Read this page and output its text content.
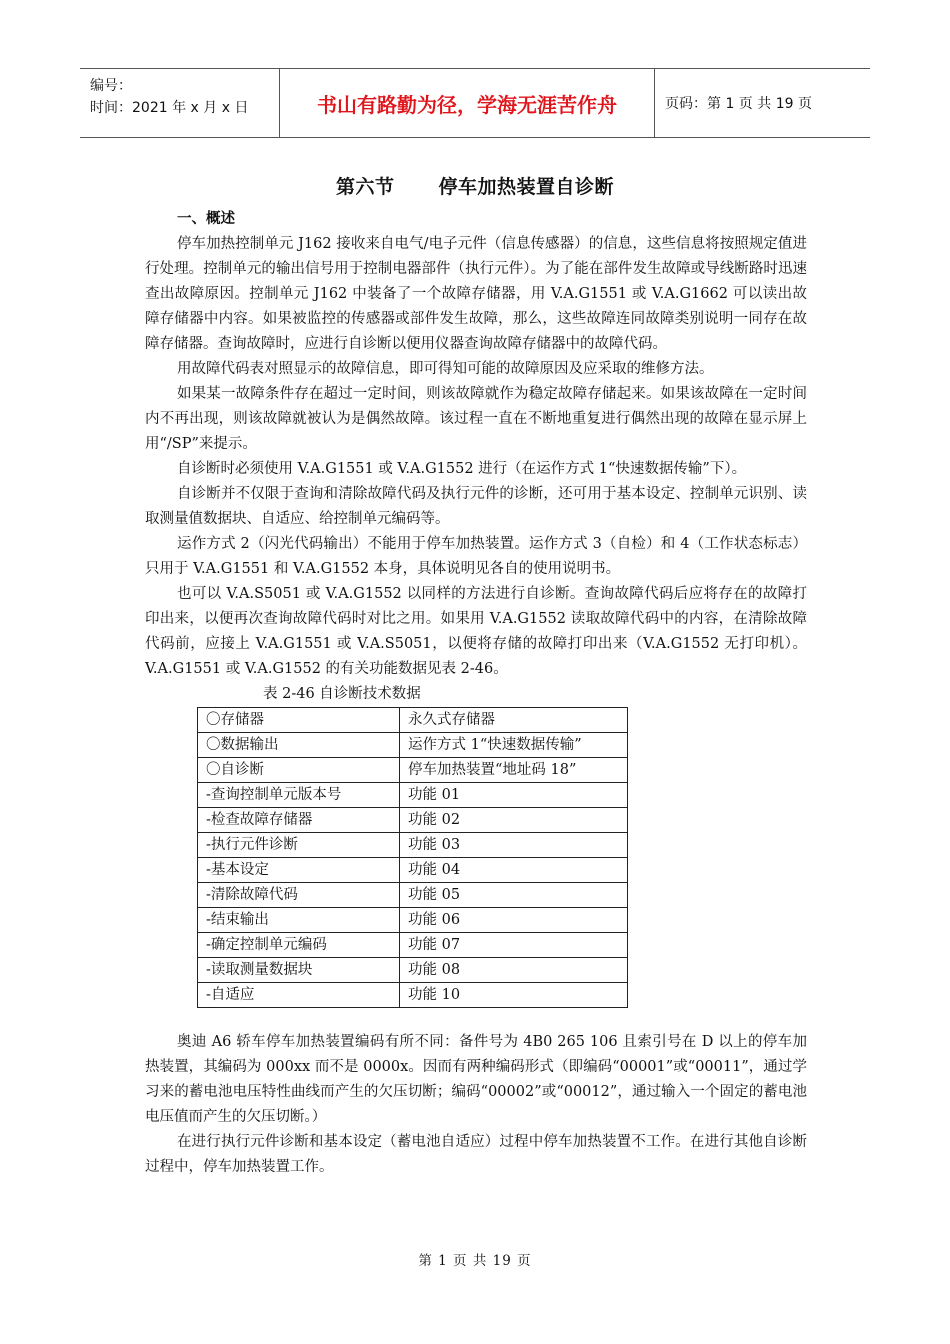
编号：
时间：2021 年 x 月 x 日	书山有路勤为径，学海无涯苦作舟	页码：第 1 页 共 19 页
第六节 停车加热装置自诊断
一、概述

停车加热控制单元 J162 接收来自电气/电子元件（信息传感器）的信息，这些信息将按照规定值进行处理。控制单元的输出信号用于控制电器部件（执行元件）。为了能在部件发生故障或导线断路时迅速查出故障原因。控制单元 J162 中装备了一个故障存储器，用 V.A.G1551 或 V.A.G1662 可以读出故障存储器中内容。如果被监控的传感器或部件发生故障，那么，这些故障连同故障类别说明一同存在故障存储器。查询故障时，应进行自诊断以便用仪器查询故障存储器中的故障代码。

用故障代码表对照显示的故障信息，即可得知可能的故障原因及应采取的维修方法。

如果某一故障条件存在超过一定时间，则该故障就作为稳定故障存储起来。如果该故障在一定时间内不再出现，则该故障就被认为是偶然故障。该过程一直在不断地重复进行偶然出现的故障在显示屏上用“/SP”来提示。

自诊断时必须使用 V.A.G1551 或 V.A.G1552 进行（在运作方式 1“快速数据传输”下）。

自诊断并不仅限于查询和清除故障代码及执行元件的诊断，还可用于基本设定、控制单元识别、读取测量值数据块、自适应、给控制单元编码等。

运作方式 2（闪光代码输出）不能用于停车加热装置。运作方式 3（自检）和 4（工作状态标志）只用于 V.A.G1551 和 V.A.G1552 本身，具体说明见各自的使用说明书。

也可以 V.A.S5051 或 V.A.G1552 以同样的方法进行自诊断。查询故障代码后应将存在的故障打印出来，以便再次查询故障代码时对比之用。如果用 V.A.G1552 读取故障代码中的内容，在清除故障代码前，应接上 V.A.G1551 或 V.A.S5051，以便将存储的故障打印出来（V.A.G1552 无打印机）。V.A.G1551 或 V.A.G1552 的有关功能数据见表 2-46。

表 2-46 自诊断技术数据
〇存储器	永久式存储器
〇数据输出	运作方式 1“快速数据传输”
〇自诊断	停车加热装置“地址码 18”
-查询控制单元版本号	功能 01
-检查故障存储器	功能 02
-执行元件诊断	功能 03
-基本设定	功能 04
-清除故障代码	功能 05
-结束输出	功能 06
-确定控制单元编码	功能 07
-读取测量数据块	功能 08
-自适应	功能 10

奥迪 A6 轿车停车加热装置编码有所不同：备件号为 4B0 265 106 且索引号在 D 以上的停车加热装置，其编码为 000xx 而不是 0000x。因而有两种编码形式（即编码“00001”或“00011”，通过学习来的蓄电池电压特性曲线而产生的欠压切断；编码“00002”或“00012”，通过输入一个固定的蓄电池电压值而产生的欠压切断。）

在进行执行元件诊断和基本设定（蓄电池自适应）过程中停车加热装置不工作。在进行其他自诊断过程中，停车加热装置工作。

第 1 页 共 19 页
